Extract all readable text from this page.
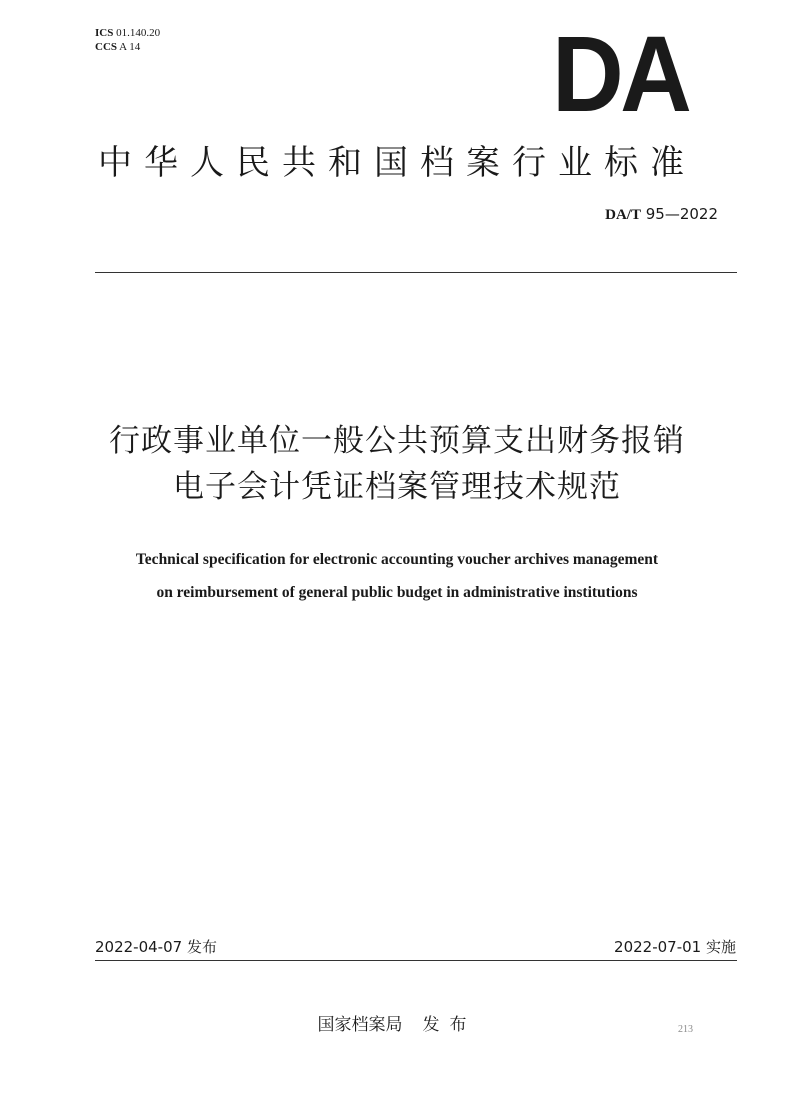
ICS 01.140.20
CCS A 14	DA
中华人民共和国档案行业标准
DA/T 95—2022
行政事业单位一般公共预算支出财务报销
电子会计凭证档案管理技术规范
Technical specification for electronic accounting voucher archives management
on reimbursement of general public budget in administrative institutions
2022-04-07 发布	2022-07-01 实施
国家档案局 发布	213
